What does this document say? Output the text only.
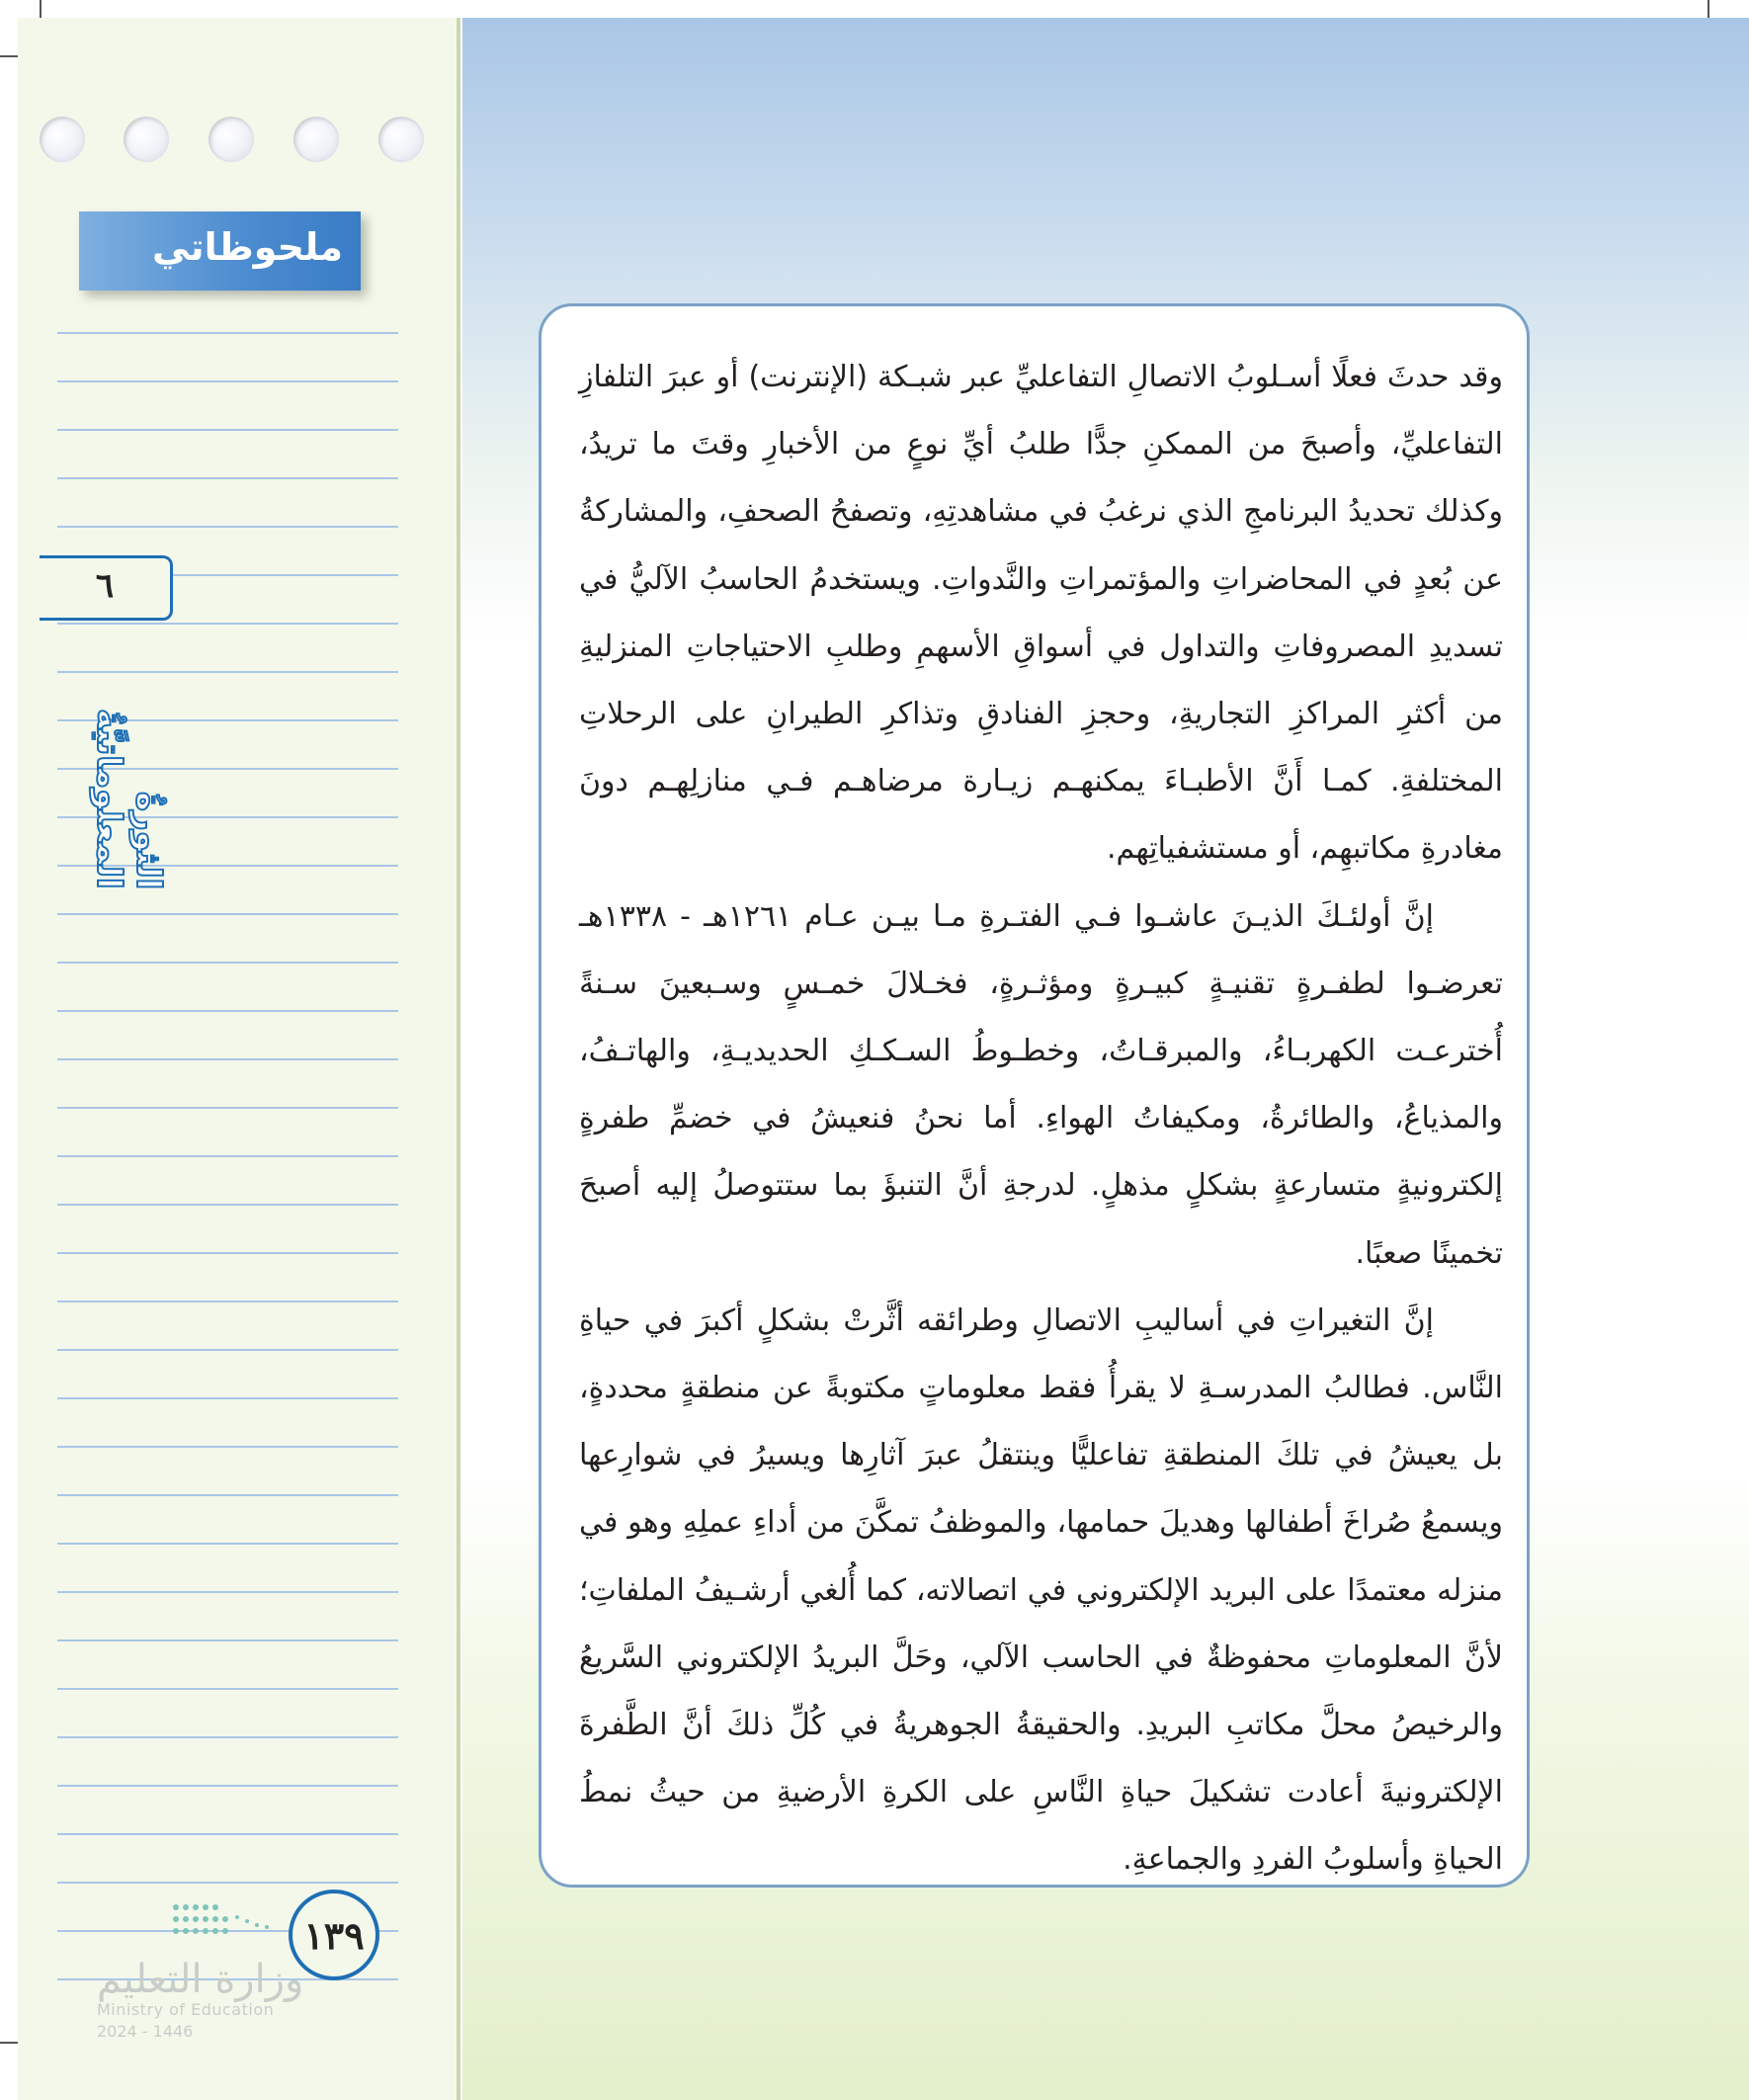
ملحوظاتي
٦
الثورةُ المعلوماتيَّةُ
١٣٩
وزارة التعليم
Ministry of Education
2024 - 1446

وقد حدثَ فعلًا أسـلوبُ الاتصالِ التفاعليِّ عبر شبـكة (الإنترنت) أو عبرَ التلفازِ التفاعليِّ، وأصبحَ من الممكنِ جدًّا طلبُ أيِّ نوعٍ من الأخبارِ وقتَ ما تريدُ، وكذلك تحديدُ البرنامجِ الذي نرغبُ في مشاهدتِهِ، وتصفحُ الصحفِ، والمشاركةُ عن بُعدٍ في المحاضراتِ والمؤتمراتِ والنَّدواتِ. ويستخدمُ الحاسبُ الآليُّ في تسديدِ المصروفاتِ والتداول في أسواقِ الأسهمِ وطلبِ الاحتياجاتِ المنزليةِ من أكثرِ المراكزِ التجاريةِ، وحجزِ الفنادقِ وتذاكرِ الطيرانِ على الرحلاتِ المختلفةِ. كمـا أَنَّ الأطبـاءَ يمكنهـم زيـارة مرضاهـم فـي منازلِهـم دونَ مغادرةِ مكاتبهِم، أو مستشفياتِهم.

إنَّ أولئـكَ الذيـنَ عاشـوا فـي الفتـرةِ مـا بيـن عـام ١٢٦١هـ - ١٣٣٨هـ تعرضـوا لطفـرةٍ تقنيـةٍ كبيـرةٍ ومؤثـرةٍ، فخـلالَ خمـسٍ وسـبعينَ سـنةً أُخترعـت الكهربـاءُ، والمبرقـاتُ، وخطـوطُ السـكـكِ الحديديـةِ، والهاتـفُ، والمذياعُ، والطائرةُ، ومكيفاتُ الهواءِ. أما نحنُ فنعيشُ في خضمِّ طفرةٍ إلكترونيةٍ متسارعةٍ بشكلٍ مذهلٍ. لدرجةِ أنَّ التنبؤَ بما ستتوصلُ إليه أصبحَ تخمينًا صعبًا.

إنَّ التغيراتِ في أساليبِ الاتصالِ وطرائقه أثَّرتْ بشكلٍ أكبرَ في حياةِ النَّاس. فطالبُ المدرسـةِ لا يقرأُ فقط معلوماتٍ مكتوبةً عن منطقةٍ محددةٍ، بل يعيشُ في تلكَ المنطقةِ تفاعليًّا وينتقلُ عبرَ آثارِها ويسيرُ في شوارِعها ويسمعُ صُراخَ أطفالها وهديلَ حمامها، والموظفُ تمكَّنَ من أداءِ عملِهِ وهو في منزله معتمدًا على البريد الإلكتروني في اتصالاته، كما أُلغي أرشـيفُ الملفاتِ؛ لأنَّ المعلوماتِ محفوظةٌ في الحاسب الآلي، وحَلَّ البريدُ الإلكتروني السَّريعُ والرخيصُ محلَّ مكاتبِ البريدِ. والحقيقةُ الجوهريةُ في كُلِّ ذلكَ أنَّ الطَّفرةَ الإلكترونيةَ أعادت تشكيلَ حياةِ النَّاسِ على الكرةِ الأرضيةِ من حيثُ نمطُ الحياةِ وأسلوبُ الفردِ والجماعةِ.
